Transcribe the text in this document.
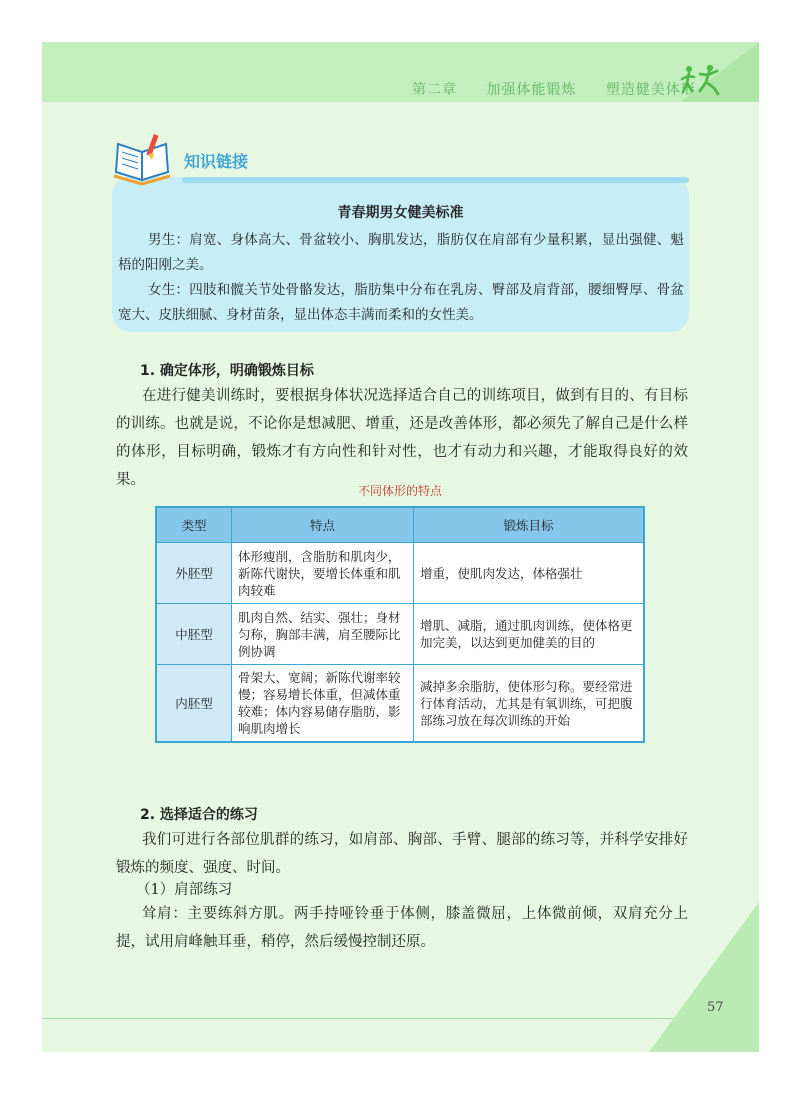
第二章 加强体能锻炼 塑造健美体形
知识链接
青春期男女健美标准
男生：肩宽、身体高大、骨盆较小、胸肌发达，脂肪仅在肩部有少量积累，显出强健、魁梧的阳刚之美。
女生：四肢和髋关节处骨骼发达，脂肪集中分布在乳房、臀部及肩背部，腰细臀厚、骨盆宽大、皮肤细腻、身材苗条，显出体态丰满而柔和的女性美。
1. 确定体形，明确锻炼目标
在进行健美训练时，要根据身体状况选择适合自己的训练项目，做到有目的、有目标的训练。也就是说，不论你是想减肥、增重，还是改善体形，都必须先了解自己是什么样的体形，目标明确，锻炼才有方向性和针对性，也才有动力和兴趣，才能取得良好的效果。
不同体形的特点
类型	特点	锻炼目标
外胚型	体形瘦削，含脂肪和肌肉少，新陈代谢快，要增长体重和肌肉较难	增重，使肌肉发达，体格强壮
中胚型	肌肉自然、结实、强壮；身材匀称，胸部丰满，肩至腰际比例协调	增肌、减脂，通过肌肉训练，使体格更加完美，以达到更加健美的目的
内胚型	骨架大、宽阔；新陈代谢率较慢；容易增长体重，但减体重较难；体内容易储存脂肪，影响肌肉增长	减掉多余脂肪，使体形匀称。要经常进行体育活动，尤其是有氧训练，可把腹部练习放在每次训练的开始
2. 选择适合的练习
我们可进行各部位肌群的练习，如肩部、胸部、手臂、腿部的练习等，并科学安排好锻炼的频度、强度、时间。
（1）肩部练习
耸肩：主要练斜方肌。两手持哑铃垂于体侧，膝盖微屈，上体微前倾，双肩充分上提，试用肩峰触耳垂，稍停，然后缓慢控制还原。
57
